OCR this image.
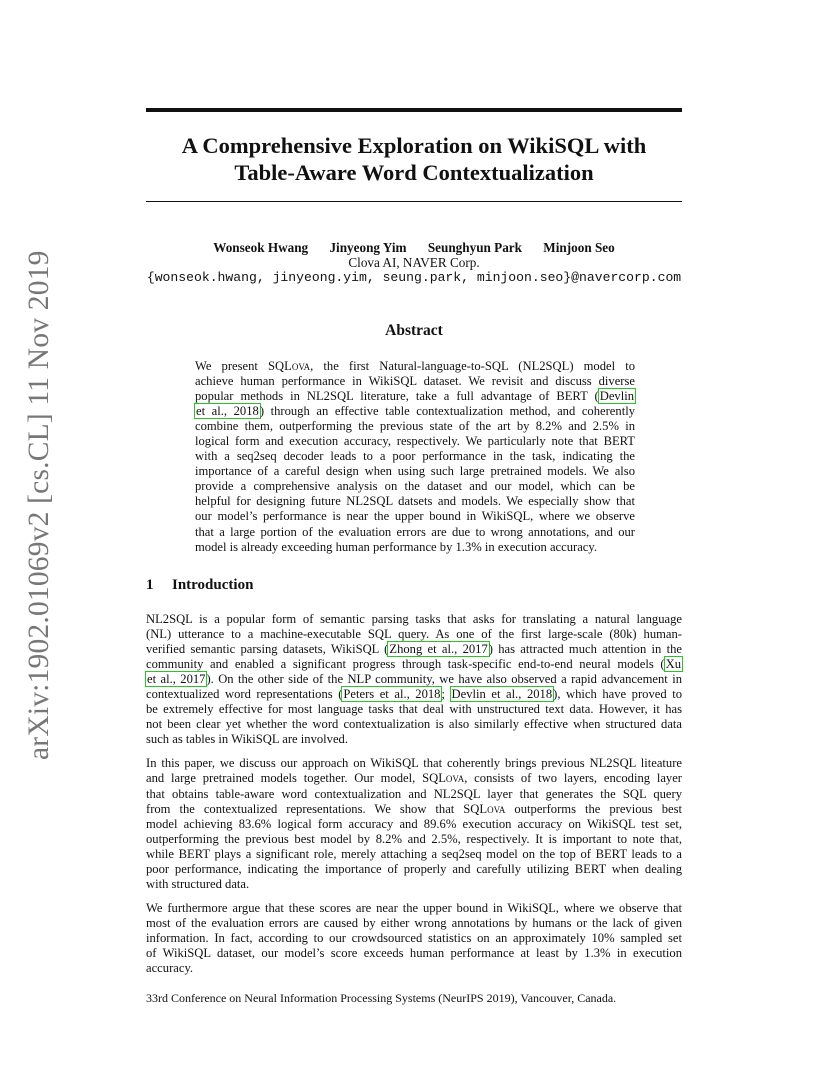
arXiv:1902.01069v2 [cs.CL] 11 Nov 2019
A Comprehensive Exploration on WikiSQL with
Table-Aware Word Contextualization
Wonseok Hwang Jinyeong Yim Seunghyun Park Minjoon Seo
Clova AI, NAVER Corp.
{wonseok.hwang, jinyeong.yim, seung.park, minjoon.seo}@navercorp.com
Abstract

We present SQLova, the first Natural-language-to-SQL (NL2SQL) model to
achieve human performance in WikiSQL dataset. We revisit and discuss diverse
popular methods in NL2SQL literature, take a full advantage of BERT (Devlin
et al., 2018) through an effective table contextualization method, and coherently
combine them, outperforming the previous state of the art by 8.2% and 2.5% in
logical form and execution accuracy, respectively. We particularly note that BERT
with a seq2seq decoder leads to a poor performance in the task, indicating the
importance of a careful design when using such large pretrained models. We also
provide a comprehensive analysis on the dataset and our model, which can be
helpful for designing future NL2SQL datsets and models. We especially show that
our model’s performance is near the upper bound in WikiSQL, where we observe
that a large portion of the evaluation errors are due to wrong annotations, and our
model is already exceeding human performance by 1.3% in execution accuracy.

1 Introduction

NL2SQL is a popular form of semantic parsing tasks that asks for translating a natural language
(NL) utterance to a machine-executable SQL query. As one of the first large-scale (80k) human-
verified semantic parsing datasets, WikiSQL (Zhong et al., 2017) has attracted much attention in the
community and enabled a significant progress through task-specific end-to-end neural models (Xu
et al., 2017). On the other side of the NLP community, we have also observed a rapid advancement in
contextualized word representations (Peters et al., 2018; Devlin et al., 2018), which have proved to
be extremely effective for most language tasks that deal with unstructured text data. However, it has
not been clear yet whether the word contextualization is also similarly effective when structured data
such as tables in WikiSQL are involved.

In this paper, we discuss our approach on WikiSQL that coherently brings previous NL2SQL liteature
and large pretrained models together. Our model, SQLova, consists of two layers, encoding layer
that obtains table-aware word contextualization and NL2SQL layer that generates the SQL query
from the contextualized representations. We show that SQLova outperforms the previous best
model achieving 83.6% logical form accuracy and 89.6% execution accuracy on WikiSQL test set,
outperforming the previous best model by 8.2% and 2.5%, respectively. It is important to note that,
while BERT plays a significant role, merely attaching a seq2seq model on the top of BERT leads to a
poor performance, indicating the importance of properly and carefully utilizing BERT when dealing
with structured data.

We furthermore argue that these scores are near the upper bound in WikiSQL, where we observe that
most of the evaluation errors are caused by either wrong annotations by humans or the lack of given
information. In fact, according to our crowdsourced statistics on an approximately 10% sampled set
of WikiSQL dataset, our model’s score exceeds human performance at least by 1.3% in execution
accuracy.

33rd Conference on Neural Information Processing Systems (NeurIPS 2019), Vancouver, Canada.
